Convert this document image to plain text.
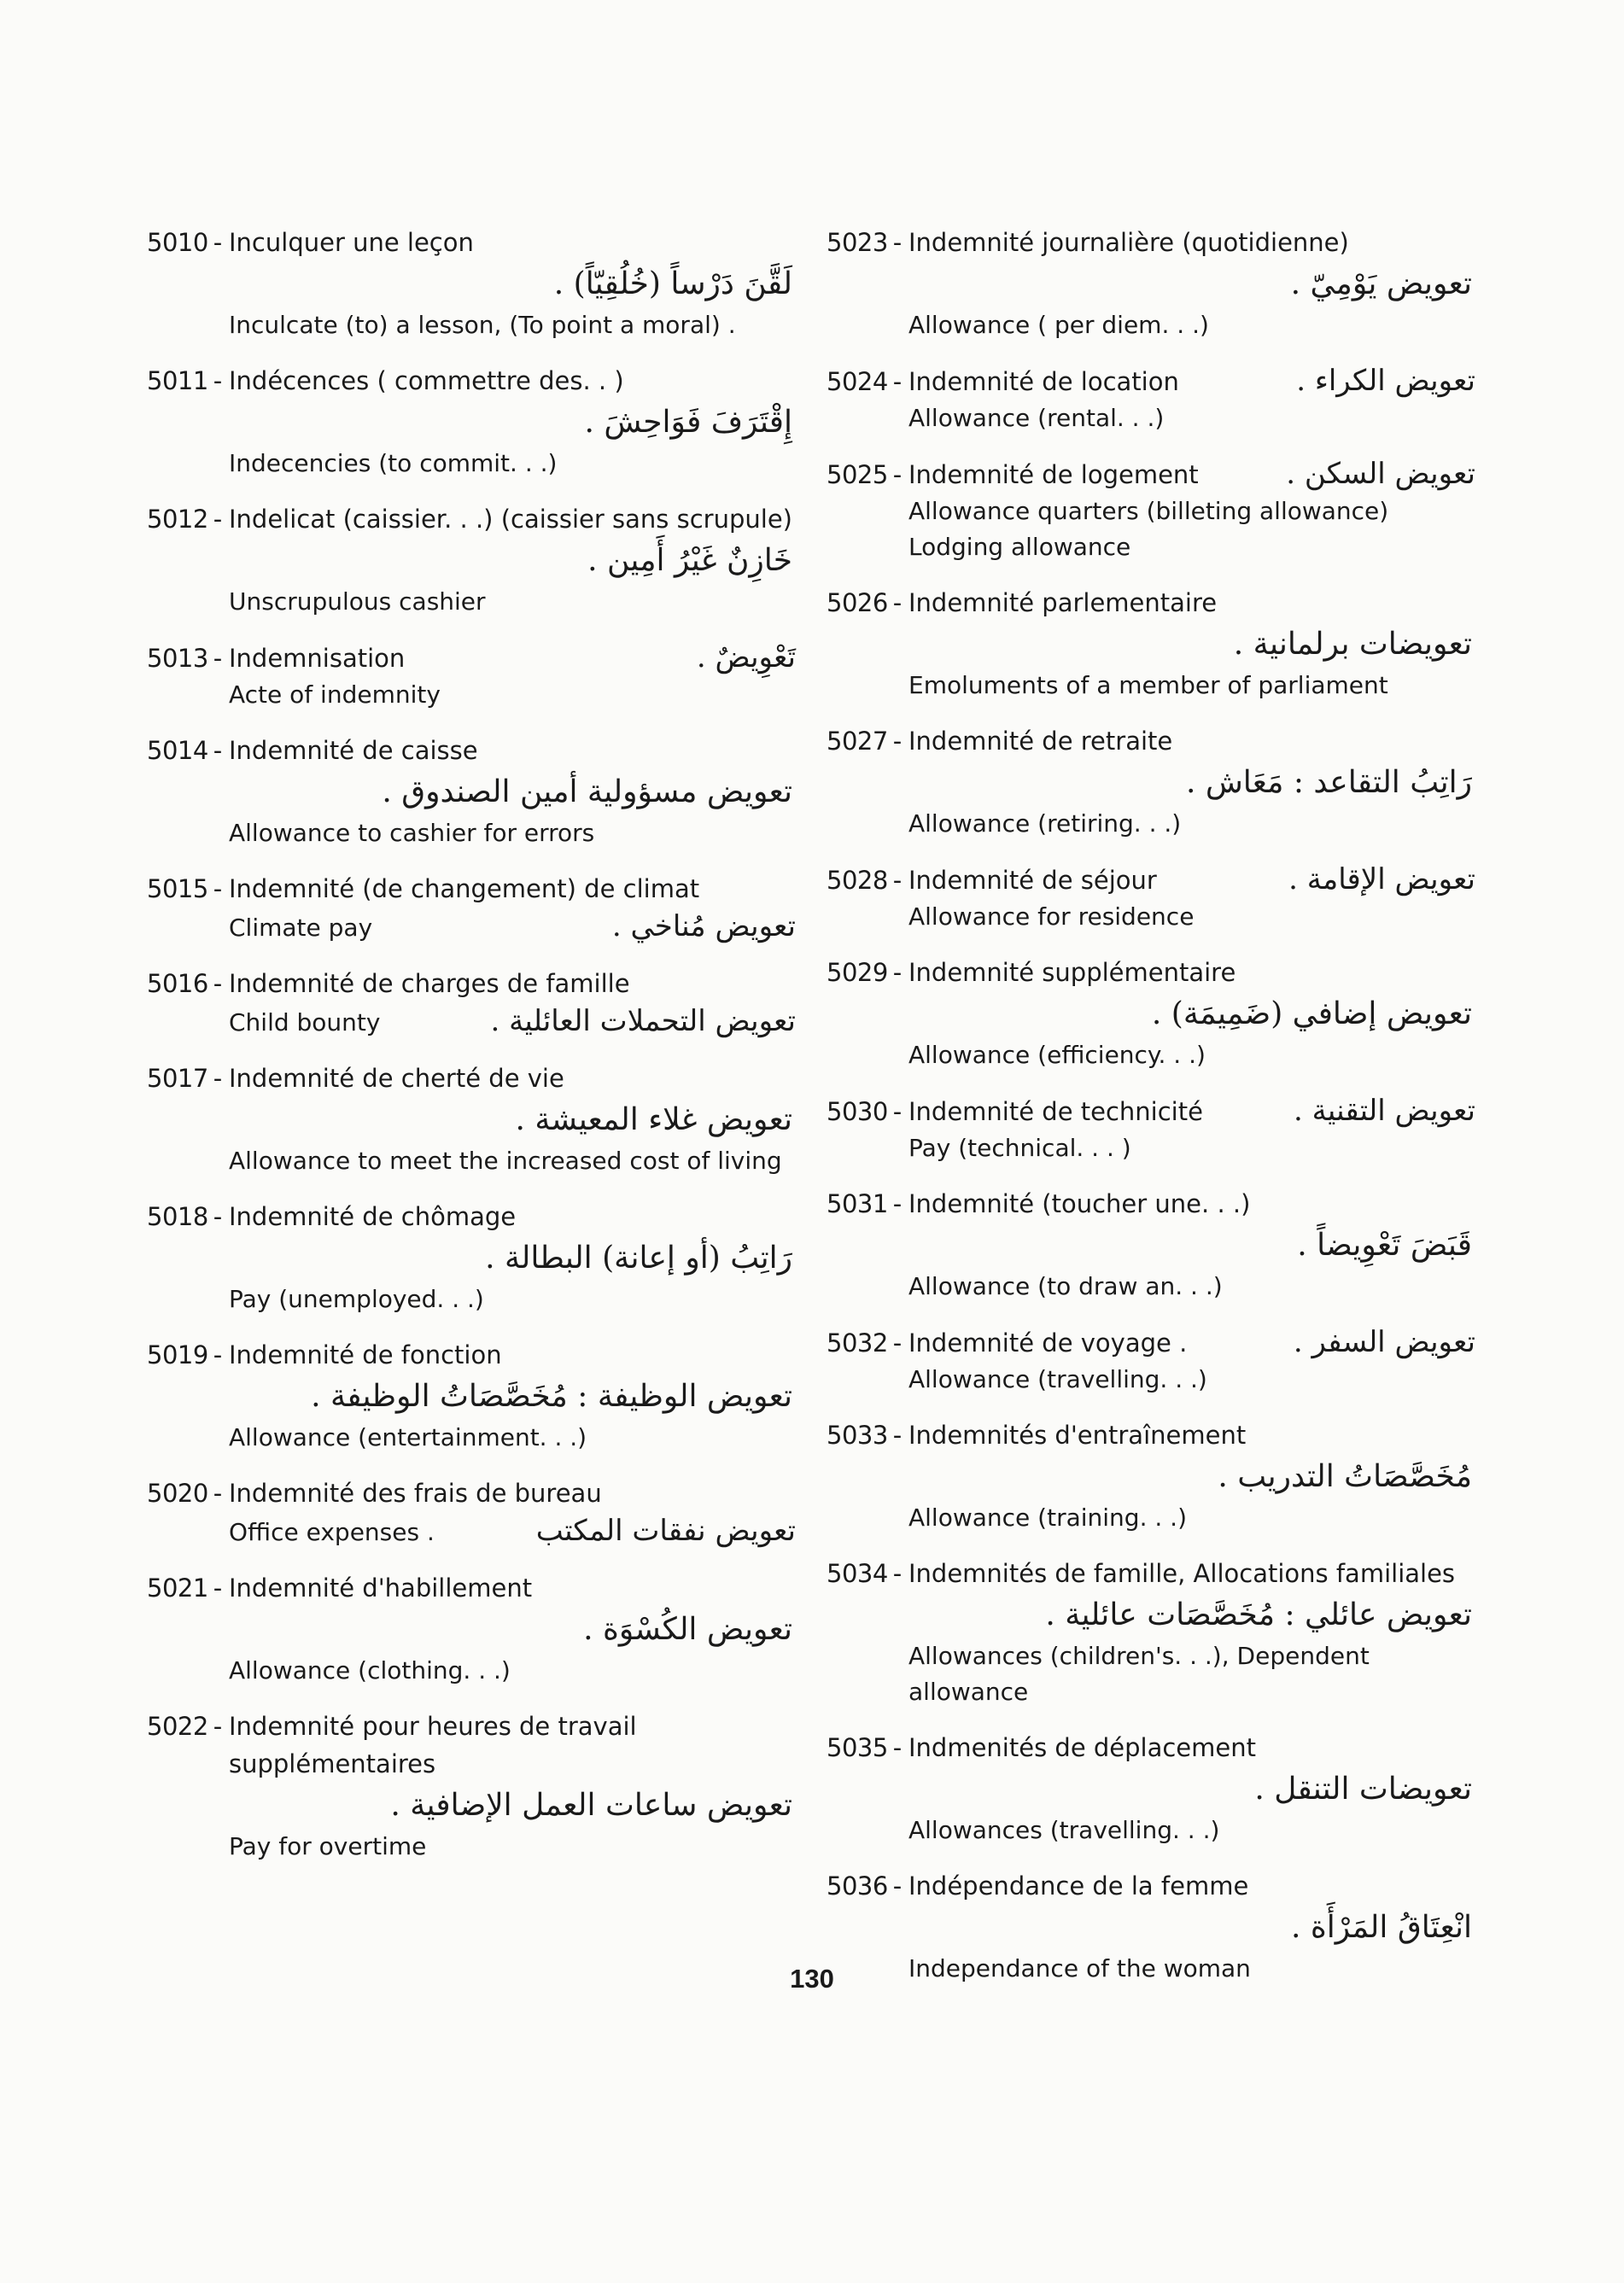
5010 - Inculquer une leçon
لَقَّنَ دَرْساً (خُلُقِيّاً) .
Inculcate (to) a lesson, (To point a moral) .
5011 - Indécences ( commettre des. . )
إِقْتَرَفَ فَوَاحِشَ .
Indecencies (to commit. . .)
5012 - Indelicat (caissier. . .) (caissier sans scrupule)
خَازِنٌ غَيْرُ أَمِين .
Unscrupulous cashier
5013 - Indemnisation	تَعْوِيضٌ .
Acte of indemnity
5014 - Indemnité de caisse
تعويض مسؤولية أمين الصندوق .
Allowance to cashier for errors
5015 - Indemnité (de changement) de climat
Climate pay	تعويض مُناخي .
5016 - Indemnité de charges de famille
Child bounty	تعويض التحملات العائلية .
5017 - Indemnité de cherté de vie
تعويض غلاء المعيشة .
Allowance to meet the increased cost of living
5018 - Indemnité de chômage
رَاتِبُ (أو إعانة) البطالة .
Pay (unemployed. . .)
5019 - Indemnité de fonction
تعويض الوظيفة : مُخَصَّصَاتُ الوظيفة .
Allowance (entertainment. . .)
5020 - Indemnité des frais de bureau
Office expenses .	تعويض نفقات المكتب
5021 - Indemnité d'habillement
تعويض الكُسْوَة .
Allowance (clothing. . .)
5022 - Indemnité pour heures de travail supplémentaires
تعويض ساعات العمل الإضافية .
Pay for overtime
5023 - Indemnité journalière (quotidienne)
تعويض يَوْمِيّ .
Allowance ( per diem. . .)
5024 - Indemnité de location	تعويض الكراء .
Allowance (rental. . .)
5025 - Indemnité de logement	تعويض السكن .
Allowance quarters (billeting allowance) Lodging allowance
5026 - Indemnité parlementaire
تعويضات برلمانية .
Emoluments of a member of parliament
5027 - Indemnité de retraite
رَاتِبُ التقاعد : مَعَاش .
Allowance (retiring. . .)
5028 - Indemnité de séjour	تعويض الإقامة .
Allowance for residence
5029 - Indemnité supplémentaire
تعويض إضافي (ضَمِيمَة) .
Allowance (efficiency. . .)
5030 - Indemnité de technicité	تعويض التقنية .
Pay (technical. . . )
5031 - Indemnité (toucher une. . .)
قَبَضَ تَعْوِيضاً .
Allowance (to draw an. . .)
5032 - Indemnité de voyage .	تعويض السفر .
Allowance (travelling. . .)
5033 - Indemnités d'entraînement
مُخَصَّصَاتُ التدريب .
Allowance (training. . .)
5034 - Indemnités de famille, Allocations familiales
تعويض عائلي : مُخَصَّصَات عائلية .
Allowances (children's. . .), Dependent allowance
5035 - Indmenités de déplacement
تعويضات التنقل .
Allowances (travelling. . .)
5036 - Indépendance de la femme
انْعِتَاقُ المَرْأَة .
Independance of the woman
130
